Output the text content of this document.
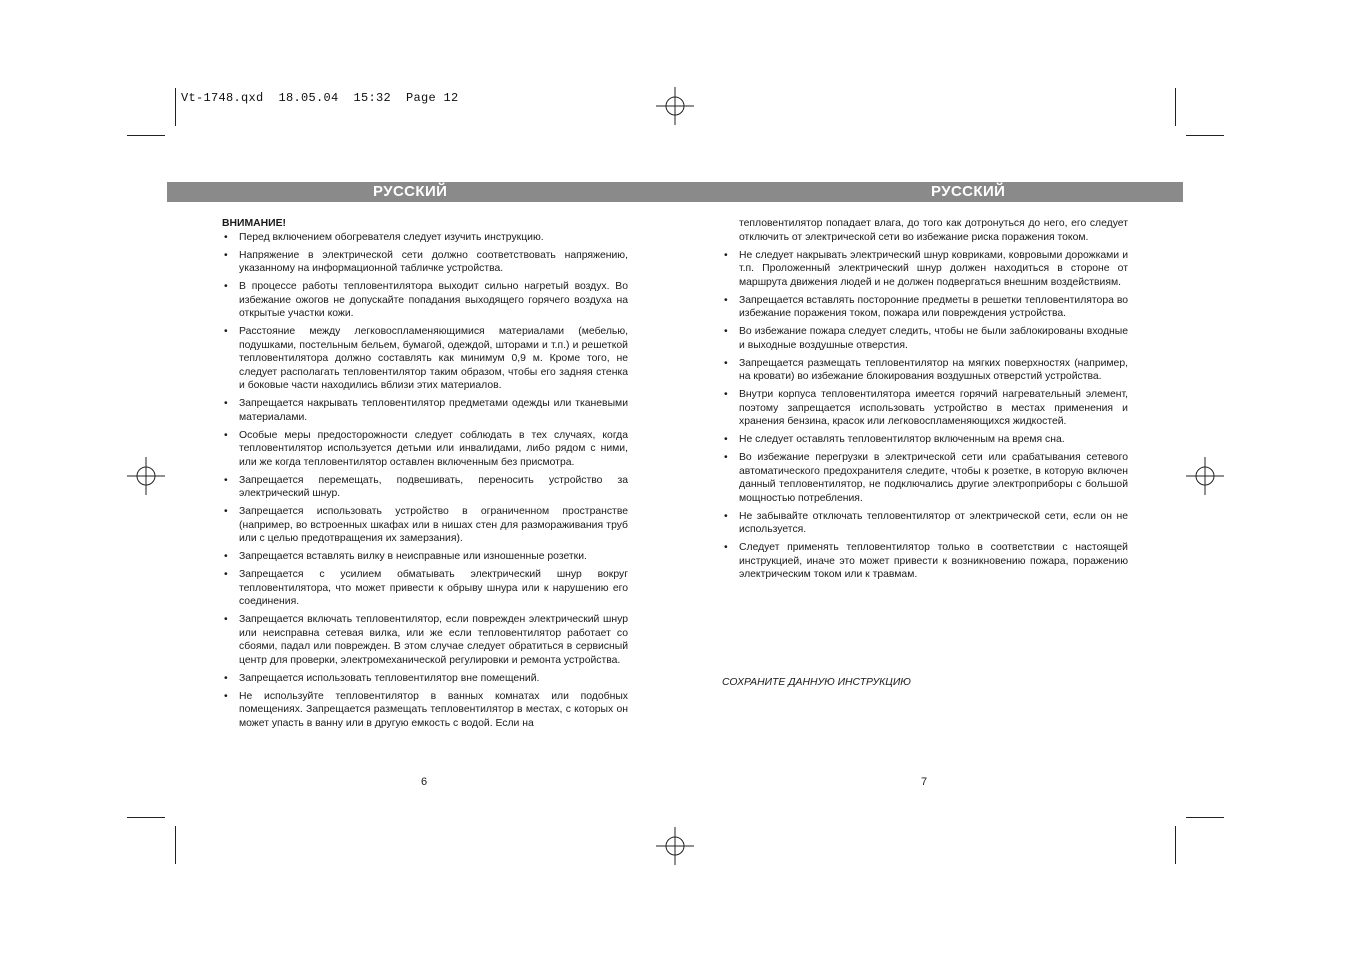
Vt-1748.qxd  18.05.04  15:32  Page 12
РУССКИЙ	РУССКИЙ

ВНИМАНИЕ!

• Перед включением обогревателя следует изучить инструкцию.
• Напряжение в электрической сети должно соответствовать напряжению, указанному на информационной табличке устройства.
• В процессе работы тепловентилятора выходит сильно нагретый воздух. Во избежание ожогов не допускайте попадания выходящего горячего воздуха на открытые участки кожи.
• Расстояние между легковоспламеняющимися материалами (мебелью, подушками, постельным бельем, бумагой, одеждой, шторами и т.п.) и решеткой тепловентилятора должно составлять как минимум 0,9 м. Кроме того, не следует располагать тепловентилятор таким образом, чтобы его задняя стенка и боковые части находились вблизи этих материалов.
• Запрещается накрывать тепловентилятор предметами одежды или тканевыми материалами.
• Особые меры предосторожности следует соблюдать в тех случаях, когда тепловентилятор используется детьми или инвалидами, либо рядом с ними, или же когда тепловентилятор оставлен включенным без присмотра.
• Запрещается перемещать, подвешивать, переносить устройство за электрический шнур.
• Запрещается использовать устройство в ограниченном пространстве (например, во встроенных шкафах или в нишах стен для размораживания труб или с целью предотвращения их замерзания).
• Запрещается вставлять вилку в неисправные или изношенные розетки.
• Запрещается с усилием обматывать электрический шнур вокруг тепловентилятора, что может привести к обрыву шнура или к нарушению его соединения.
• Запрещается включать тепловентилятор, если поврежден электрический шнур или неисправна сетевая вилка, или же если тепловентилятор работает со сбоями, падал или поврежден. В этом случае следует обратиться в сервисный центр для проверки, электромеханической регулировки и ремонта устройства.
• Запрещается использовать тепловентилятор вне помещений.
• Не используйте тепловентилятор в ванных комнатах или подобных помещениях. Запрещается размещать тепловентилятор в местах, с которых он может упасть в ванну или в другую емкость с водой. Если на
6

тепловентилятор попадает влага, до того как дотронуться до него, его следует отключить от электрической сети во избежание риска поражения током.

• Не следует накрывать электрический шнур ковриками, ковровыми дорожками и т.п. Проложенный электрический шнур должен находиться в стороне от маршрута движения людей и не должен подвергаться внешним воздействиям.
• Запрещается вставлять посторонние предметы в решетки тепловентилятора во избежание поражения током, пожара или повреждения устройства.
• Во избежание пожара следует следить, чтобы не были заблокированы входные и выходные воздушные отверстия.
• Запрещается размещать тепловентилятор на мягких поверхностях (например, на кровати) во избежание блокирования воздушных отверстий устройства.
• Внутри корпуса тепловентилятора имеется горячий нагревательный элемент, поэтому запрещается использовать устройство в местах применения и хранения бензина, красок или легковоспламеняющихся жидкостей.
• Не следует оставлять тепловентилятор включенным на время сна.
• Во избежание перегрузки в электрической сети или срабатывания сетевого автоматического предохранителя следите, чтобы к розетке, в которую включен данный тепловентилятор, не подключались другие электроприборы с большой мощностью потребления.
• Не забывайте отключать тепловентилятор от электрической сети, если он не используется.
• Следует применять тепловентилятор только в соответствии с настоящей инструкцией, иначе это может привести к возникновению пожара, поражению электрическим током или к травмам.
СОХРАНИТЕ ДАННУЮ ИНСТРУКЦИЮ
7
